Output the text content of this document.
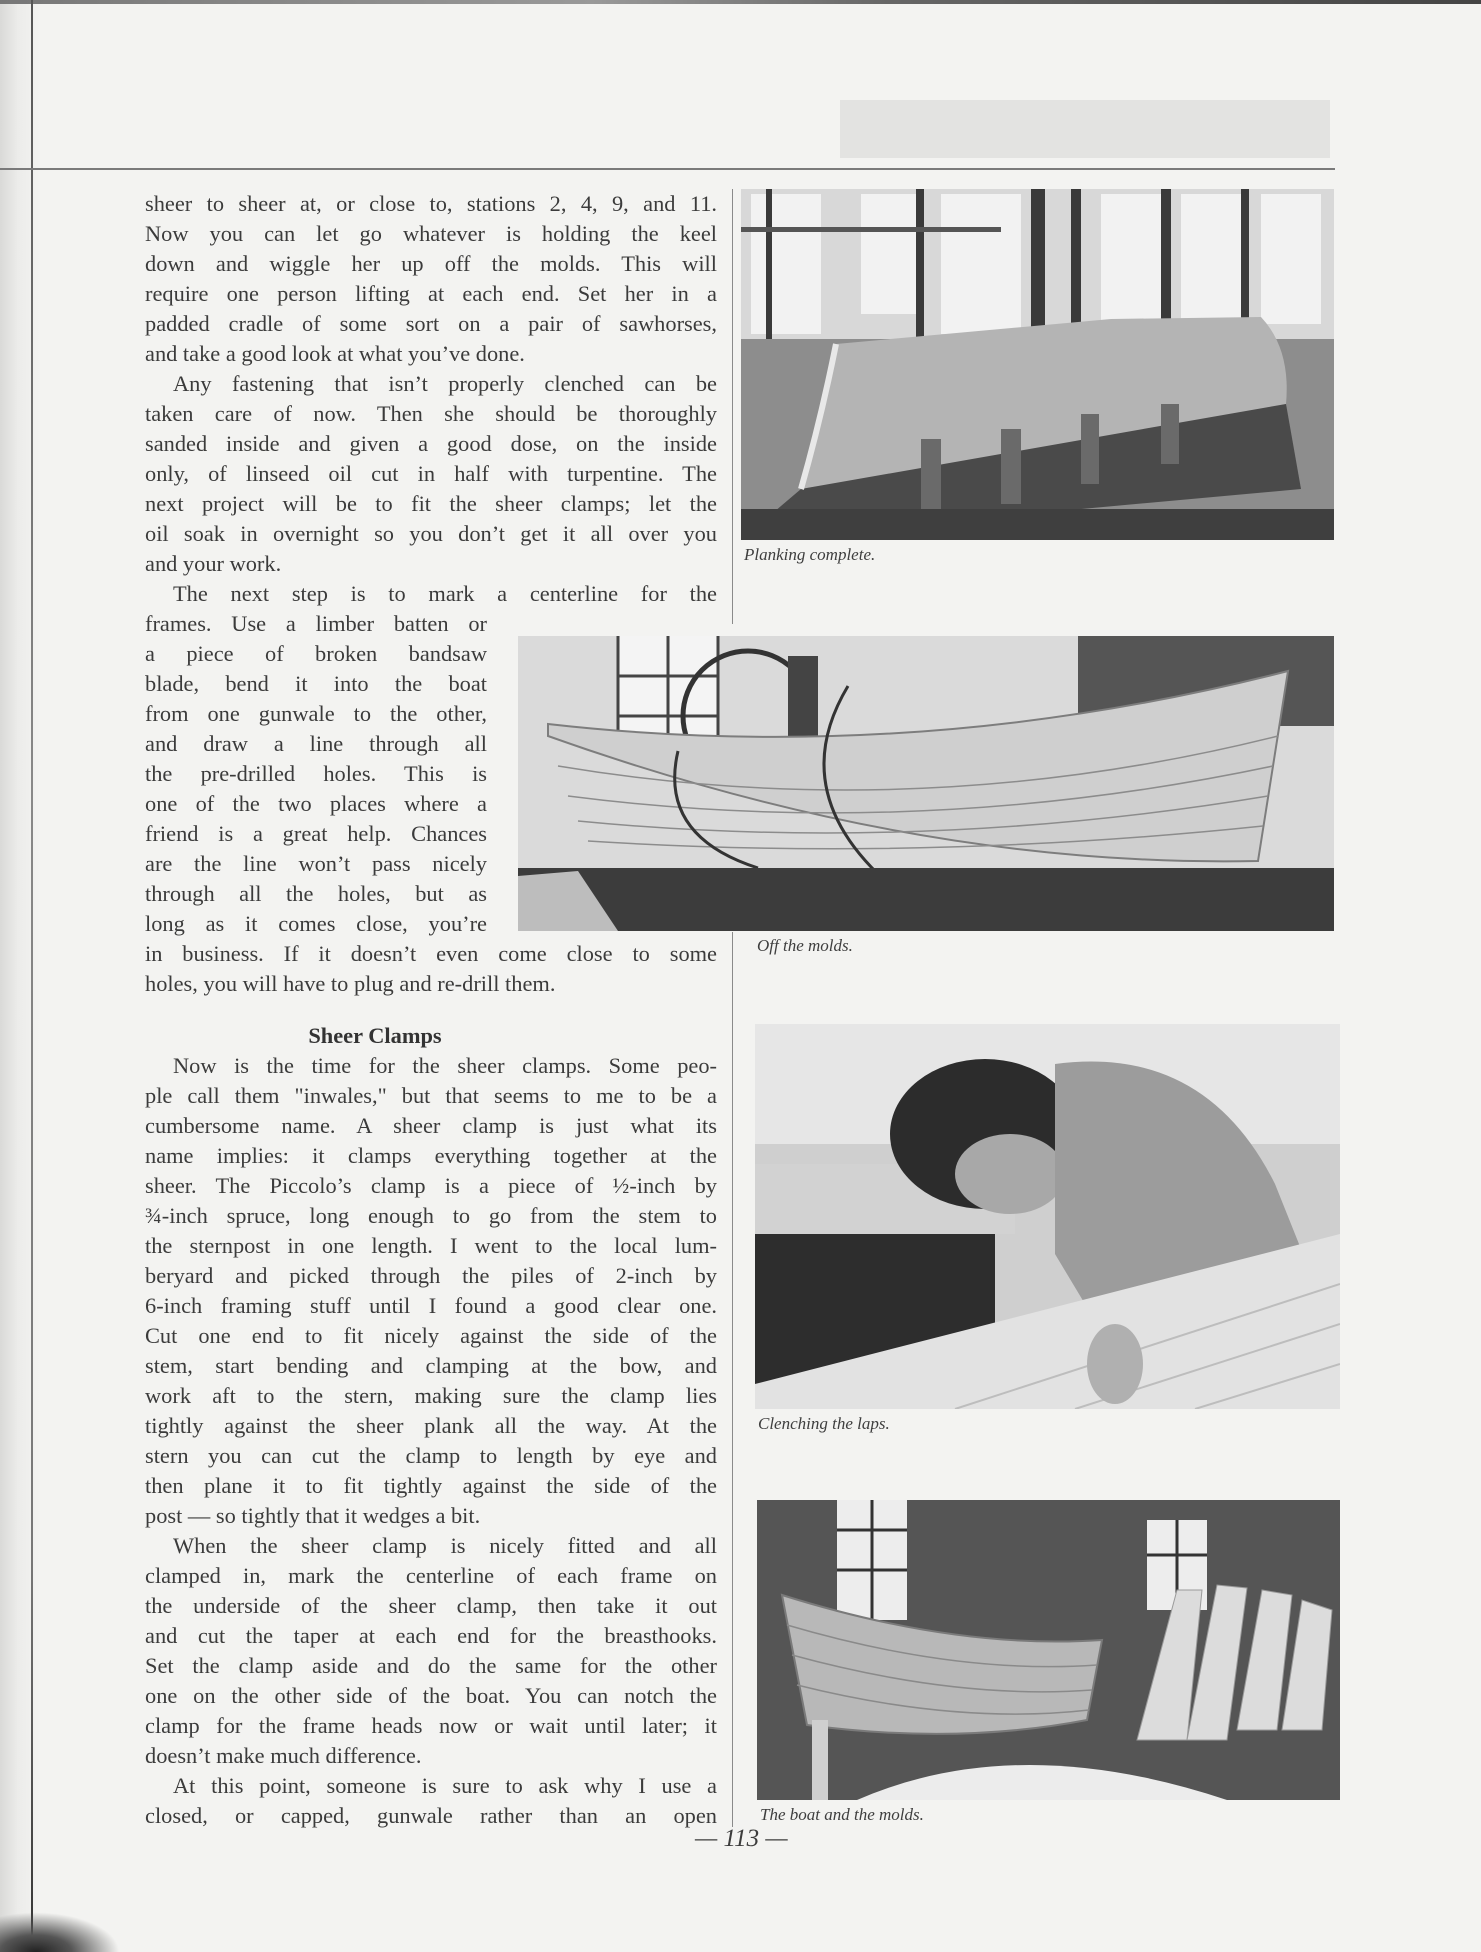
sheer to sheer at, or close to, stations 2, 4, 9, and 11.
Now you can let go whatever is holding the keel
down and wiggle her up off the molds. This will
require one person lifting at each end. Set her in a
padded cradle of some sort on a pair of sawhorses,
and take a good look at what you’ve done.
Any fastening that isn’t properly clenched can be
taken care of now. Then she should be thoroughly
sanded inside and given a good dose, on the inside
only, of linseed oil cut in half with turpentine. The
next project will be to fit the sheer clamps; let the
oil soak in overnight so you don’t get it all over you
and your work.
The next step is to mark a centerline for the
frames. Use a limber batten or
a piece of broken bandsaw
blade, bend it into the boat
from one gunwale to the other,
and draw a line through all
the pre-drilled holes. This is
one of the two places where a
friend is a great help. Chances
are the line won’t pass nicely
through all the holes, but as
long as it comes close, you’re
in business. If it doesn’t even come close to some
holes, you will have to plug and re-drill them.
Sheer Clamps
Now is the time for the sheer clamps. Some peo-
ple call them "inwales," but that seems to me to be a
cumbersome name. A sheer clamp is just what its
name implies: it clamps everything together at the
sheer. The Piccolo’s clamp is a piece of ½-inch by
¾-inch spruce, long enough to go from the stem to
the sternpost in one length. I went to the local lum-
beryard and picked through the piles of 2-inch by
6-inch framing stuff until I found a good clear one.
Cut one end to fit nicely against the side of the
stem, start bending and clamping at the bow, and
work aft to the stern, making sure the clamp lies
tightly against the sheer plank all the way. At the
stern you can cut the clamp to length by eye and
then plane it to fit tightly against the side of the
post — so tightly that it wedges a bit.
When the sheer clamp is nicely fitted and all
clamped in, mark the centerline of each frame on
the underside of the sheer clamp, then take it out
and cut the taper at each end for the breasthooks.
Set the clamp aside and do the same for the other
one on the other side of the boat. You can notch the
clamp for the frame heads now or wait until later; it
doesn’t make much difference.
At this point, someone is sure to ask why I use a
closed, or capped, gunwale rather than an open
Planking complete.
Off the molds.
Clenching the laps.
The boat and the molds.
— 113 —
